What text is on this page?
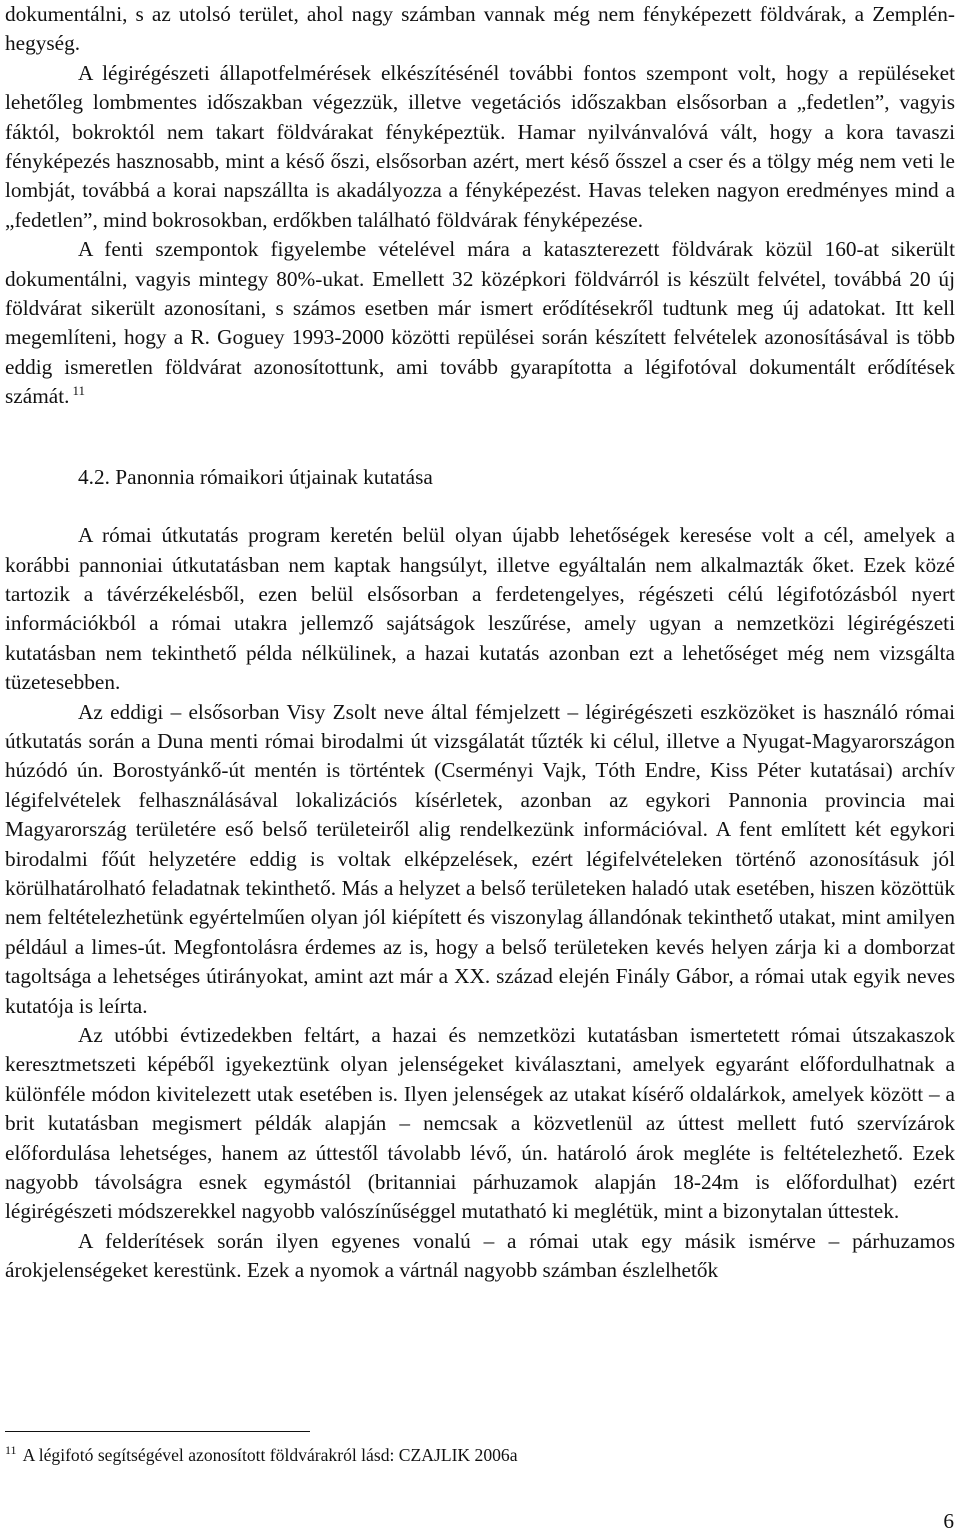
dokumentálni, s az utolsó terület, ahol nagy számban vannak még nem fényképezett földvárak, a Zemplén-hegység.

A légirégészeti állapotfelmérések elkészítésénél további fontos szempont volt, hogy a repüléseket lehetőleg lombmentes időszakban végezzük, illetve vegetációs időszakban elsősorban a „fedetlen”, vagyis fáktól, bokroktól nem takart földvárakat fényképeztük. Hamar nyilvánvalóvá vált, hogy a kora tavaszi fényképezés hasznosabb, mint a késő őszi, elsősorban azért, mert késő ősszel a cser és a tölgy még nem veti le lombját, továbbá a korai napszállta is akadályozza a fényképezést. Havas teleken nagyon eredményes mind a „fedetlen”, mind bokrosokban, erdőkben található földvárak fényképezése.

A fenti szempontok figyelembe vételével mára a kataszterezett földvárak közül 160-at sikerült dokumentálni, vagyis mintegy 80%-ukat. Emellett 32 középkori földvárról is készült felvétel, továbbá 20 új földvárat sikerült azonosítani, s számos esetben már ismert erődítésekről tudtunk meg új adatokat. Itt kell megemlíteni, hogy a R. Goguey 1993-2000 közötti repülései során készített felvételek azonosításával is több eddig ismeretlen földvárat azonosítottunk, ami tovább gyarapította a légifotóval dokumentált erődítések számát. $^{11}$

4.2. Panonnia rómaikori útjainak kutatása

A római útkutatás program keretén belül olyan újabb lehetőségek keresése volt a cél, amelyek a korábbi pannoniai útkutatásban nem kaptak hangsúlyt, illetve egyáltalán nem alkalmazták őket. Ezek közé tartozik a távérzékelésből, ezen belül elsősorban a ferdetengelyes, régészeti célú légifotózásból nyert információkból a római utakra jellemző sajátságok leszűrése, amely ugyan a nemzetközi légirégészeti kutatásban nem tekinthető példa nélkülinek, a hazai kutatás azonban ezt a lehetőséget még nem vizsgálta tüzetesebben.

Az eddigi – elsősorban Visy Zsolt neve által fémjelzett – légirégészeti eszközöket is használó római útkutatás során a Duna menti római birodalmi út vizsgálatát tűzték ki célul, illetve a Nyugat-Magyarországon húzódó ún. Borostyánkő-út mentén is történtek (Cserményi Vajk, Tóth Endre, Kiss Péter kutatásai) archív légifelvételek felhasználásával lokalizációs kísérletek, azonban az egykori Pannonia provincia mai Magyarország területére eső belső területeiről alig rendelkezünk információval. A fent említett két egykori birodalmi főút helyzetére eddig is voltak elképzelések, ezért légifelvételeken történő azonosításuk jól körülhatárolható feladatnak tekinthető. Más a helyzet a belső területeken haladó utak esetében, hiszen közöttük nem feltételezhetünk egyértelműen olyan jól kiépített és viszonylag állandónak tekinthető utakat, mint amilyen például a limes-út. Megfontolásra érdemes az is, hogy a belső területeken kevés helyen zárja ki a domborzat tagoltsága a lehetséges útirányokat, amint azt már a XX. század elején Finály Gábor, a római utak egyik neves kutatója is leírta.

Az utóbbi évtizedekben feltárt, a hazai és nemzetközi kutatásban ismertetett római útszakaszok keresztmetszeti képéből igyekeztünk olyan jelenségeket kiválasztani, amelyek egyaránt előfordulhatnak a különféle módon kivitelezett utak esetében is. Ilyen jelenségek az utakat kísérő oldalárkok, amelyek között – a brit kutatásban megismert példák alapján – nemcsak a közvetlenül az úttest mellett futó szervízárok előfordulása lehetséges, hanem az úttestől távolabb lévő, ún. határoló árok megléte is feltételezhető. Ezek nagyobb távolságra esnek egymástól (britanniai párhuzamok alapján 18-24m is előfordulhat) ezért légirégészeti módszerekkel nagyobb valószínűséggel mutatható ki meglétük, mint a bizonytalan úttestek.

A felderítések során ilyen egyenes vonalú – a római utak egy másik ismérve – párhuzamos árokjelenségeket kerestünk. Ezek a nyomok a vártnál nagyobb számban észlelhetők

$^{11}$ A légifotó segítségével azonosított földvárakról lásd: CZAJLIK 2006a
6
